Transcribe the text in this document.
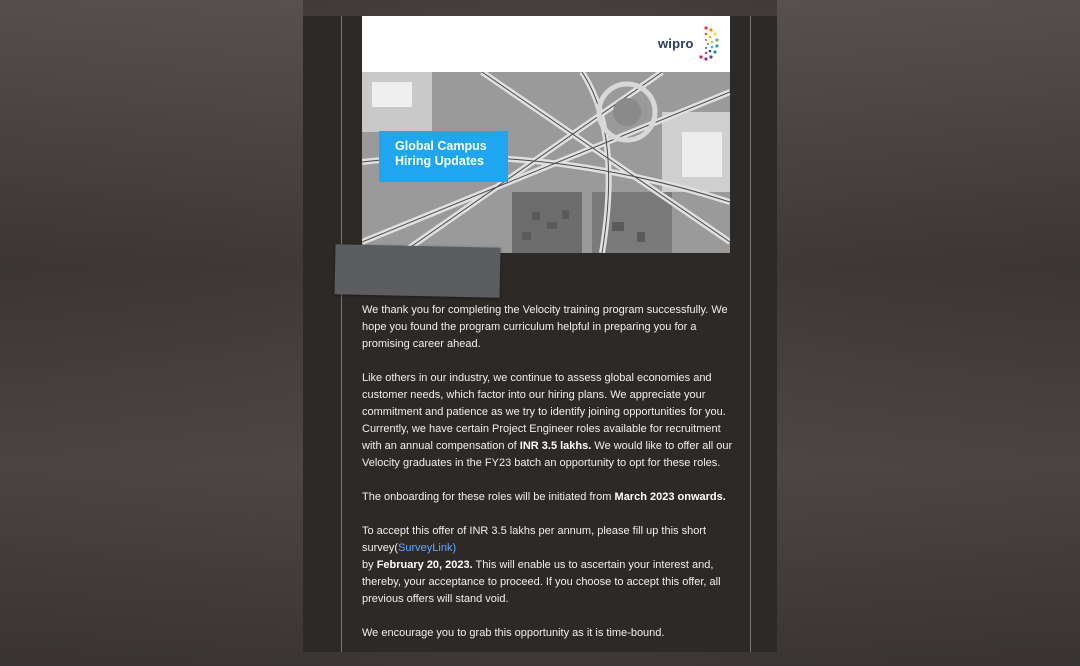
wipro
Global Campus
Hiring Updates

We thank you for completing the Velocity training program successfully. We hope you found the program curriculum helpful in preparing you for a promising career ahead.

Like others in our industry, we continue to assess global economies and customer needs, which factor into our hiring plans. We appreciate your commitment and patience as we try to identify joining opportunities for you. Currently, we have certain Project Engineer roles available for recruitment with an annual compensation of INR 3.5 lakhs. We would like to offer all our Velocity graduates in the FY23 batch an opportunity to opt for these roles.

The onboarding for these roles will be initiated from March 2023 onwards.

To accept this offer of INR 3.5 lakhs per annum, please fill up this short survey(SurveyLink)
by February 20, 2023. This will enable us to ascertain your interest and, thereby, your acceptance to proceed. If you choose to accept this offer, all previous offers will stand void.

We encourage you to grab this opportunity as it is time-bound.
